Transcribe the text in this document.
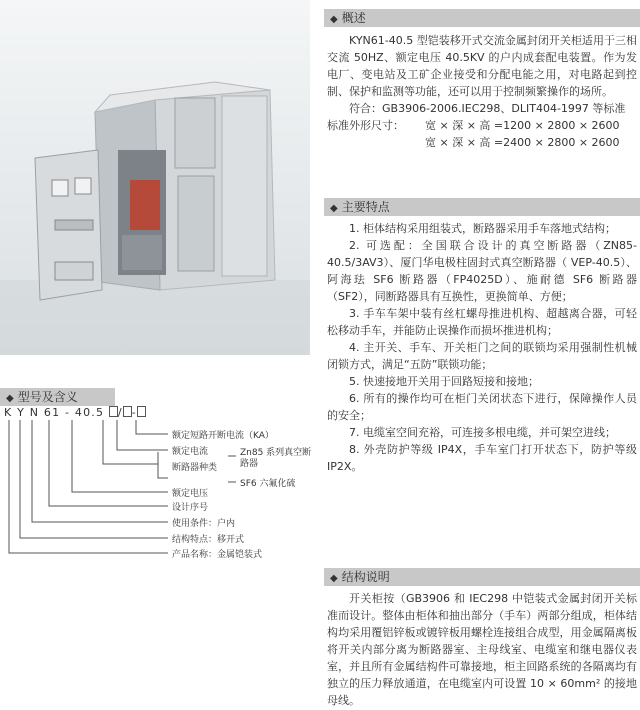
◆ 型号及含义
K Y N 61 - 40.5 / -
额定短路开断电流（KA）
额定电流
断路器种类
Zn85 系列真空断路器
额定电压
SF6 六氟化硫
设计序号
使用条件：户内
结构特点：移开式
产品名称：金属铠装式
◆ 概述

KYN61-40.5 型铠装移开式交流金属封闭开关柜适用于三相交流 50HZ、额定电压 40.5KV 的户内成套配电装置。作为发电厂、变电站及工矿企业接受和分配电能之用，对电路起到控制、保护和监测等功能，还可以用于控制频繁操作的场所。

符合：GB3906-2006.IEC298、DLIT404-1997 等标准

标准外形尺寸： 宽 × 深 × 高 =1200 × 2800 × 2600
宽 × 深 × 高 =2400 × 2800 × 2600
◆ 主要特点

1. 柜体结构采用组装式，断路器采用手车落地式结构；

2. 可选配：全国联合设计的真空断路器（ZN85-40.5/3AV3）、厦门华电极柱固封式真空断路器（ VEP-40.5）、阿海珐 SF6 断路器（FP4025D）、施耐德 SF6 断路器（SF2），同断路器具有互换性，更换简单、方便；

3. 手车车架中装有丝杠螺母推进机构、超越离合器，可轻松移动手车，并能防止误操作而损坏推进机构；

4. 主开关、手车、开关柜门之间的联锁均采用强制性机械闭锁方式，满足“五防”联锁功能；

5. 快速接地开关用于回路短接和接地；

6. 所有的操作均可在柜门关闭状态下进行，保障操作人员的安全；

7. 电缆室空间充裕，可连接多根电缆，并可架空进线；

8. 外壳防护等级 IP4X，手车室门打开状态下，防护等级IP2X。

◆ 结构说明

开关柜按（GB3906 和 IEC298 中铠装式金属封闭开关标准而设计。整体由柜体和抽出部分（手车）两部分组成，柜体结构均采用覆铝锌板或镀锌板用螺栓连接组合成型，用金属隔离板将开关内部分离为断路器室、主母线室、电缆室和继电器仪表室，并且所有金属结构件可靠接地，柜主回路系统的各隔离均有独立的压力释放通道，在电缆室内可设置 10 × 60mm² 的接地母线。
